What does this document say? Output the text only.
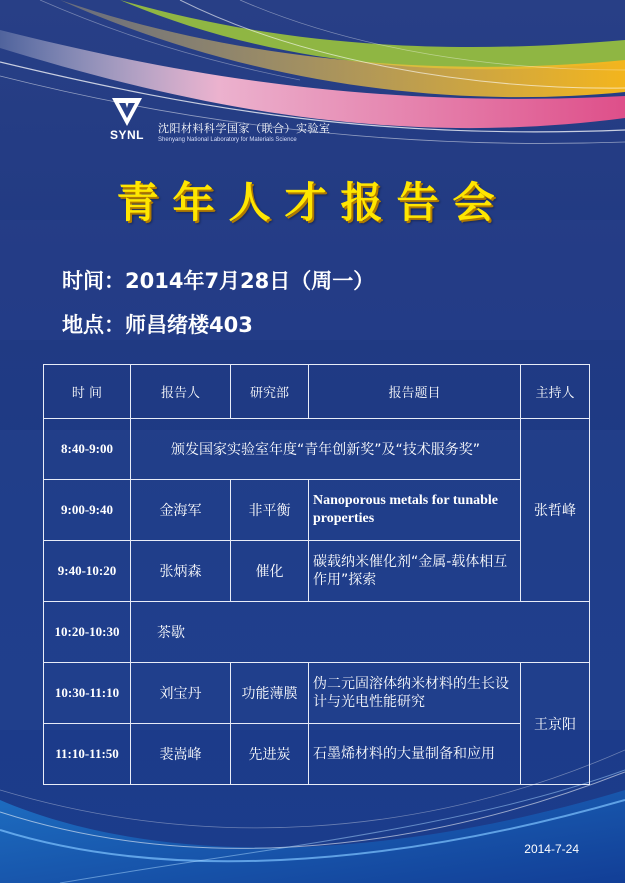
SYNL	沈阳材料科学国家（联合）实验室
Shenyang National Laboratory for Materials Science
青年人才报告会
时间：2014年7月28日（周一）
地点：师昌绪楼403
时 间	报告人	研究部	报告题目	主持人
8:40-9:00	颁发国家实验室年度“青年创新奖”及“技术服务奖”			张哲峰
9:00-9:40	金海军	非平衡	Nanoporous metals for tunable properties	
9:40-10:20	张炳森	催化	碳载纳米催化剂“金属-载体相互作用”探索	
10:20-10:30	茶歇			
10:30-11:10	刘宝丹	功能薄膜	伪二元固溶体纳米材料的生长设计与光电性能研究	王京阳
11:10-11:50	裴嵩峰	先进炭	石墨烯材料的大量制备和应用	
2014-7-24
